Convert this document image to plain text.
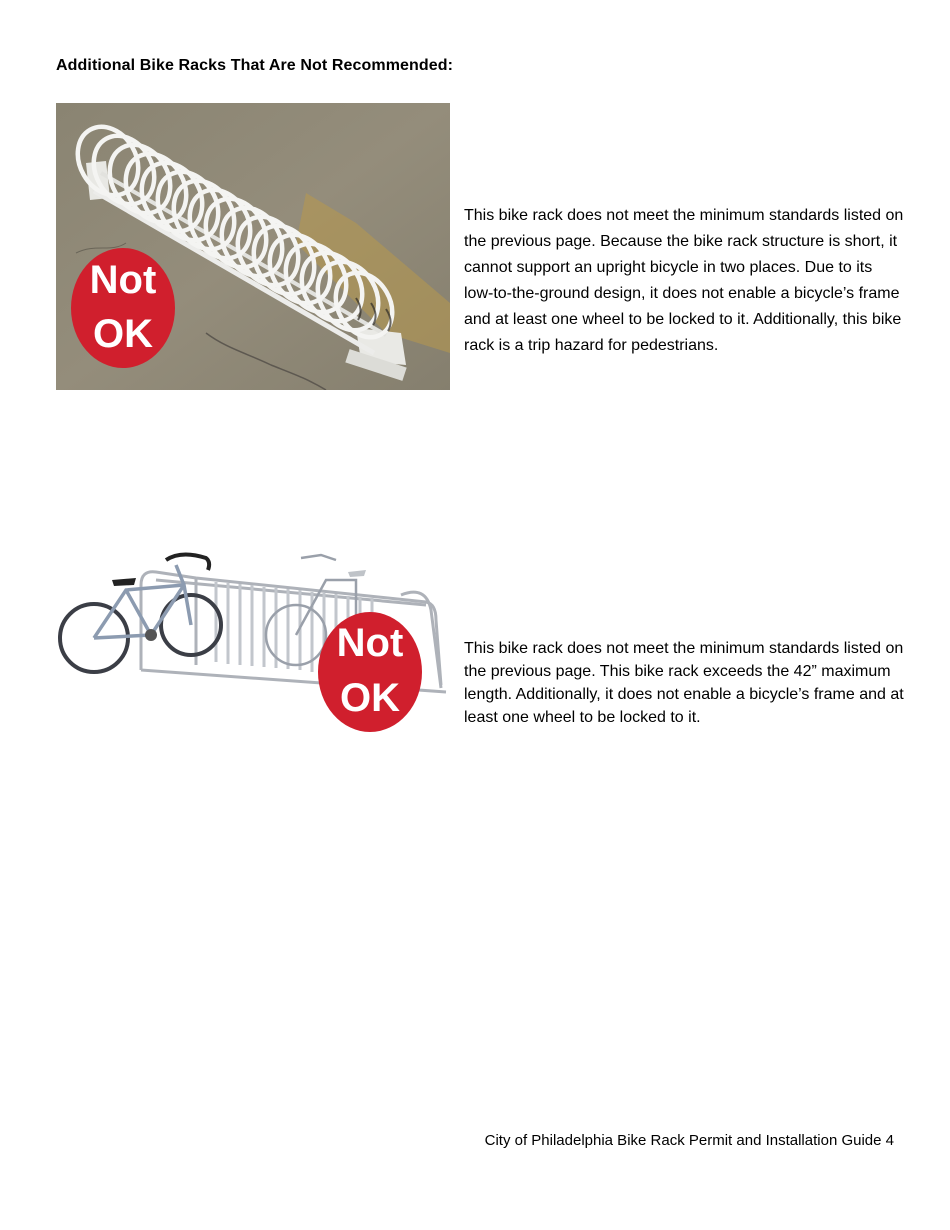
Additional Bike Racks That Are Not Recommended:
Not
OK

This bike rack does not meet the minimum standards listed on the previous page. Because the bike rack structure is short, it cannot support an upright bicycle in two places. Due to its low-to-the-ground design, it does not enable a bicycle’s frame and at least one wheel to be locked to it. Additionally, this bike rack is a trip hazard for pedestrians.

Not
OK

This bike rack does not meet the minimum standards listed on the previous page. This bike rack exceeds the 42” maximum length. Additionally, it does not enable a bicycle’s frame and at least one wheel to be locked to it.

City of Philadelphia Bike Rack Permit and Installation Guide 4
